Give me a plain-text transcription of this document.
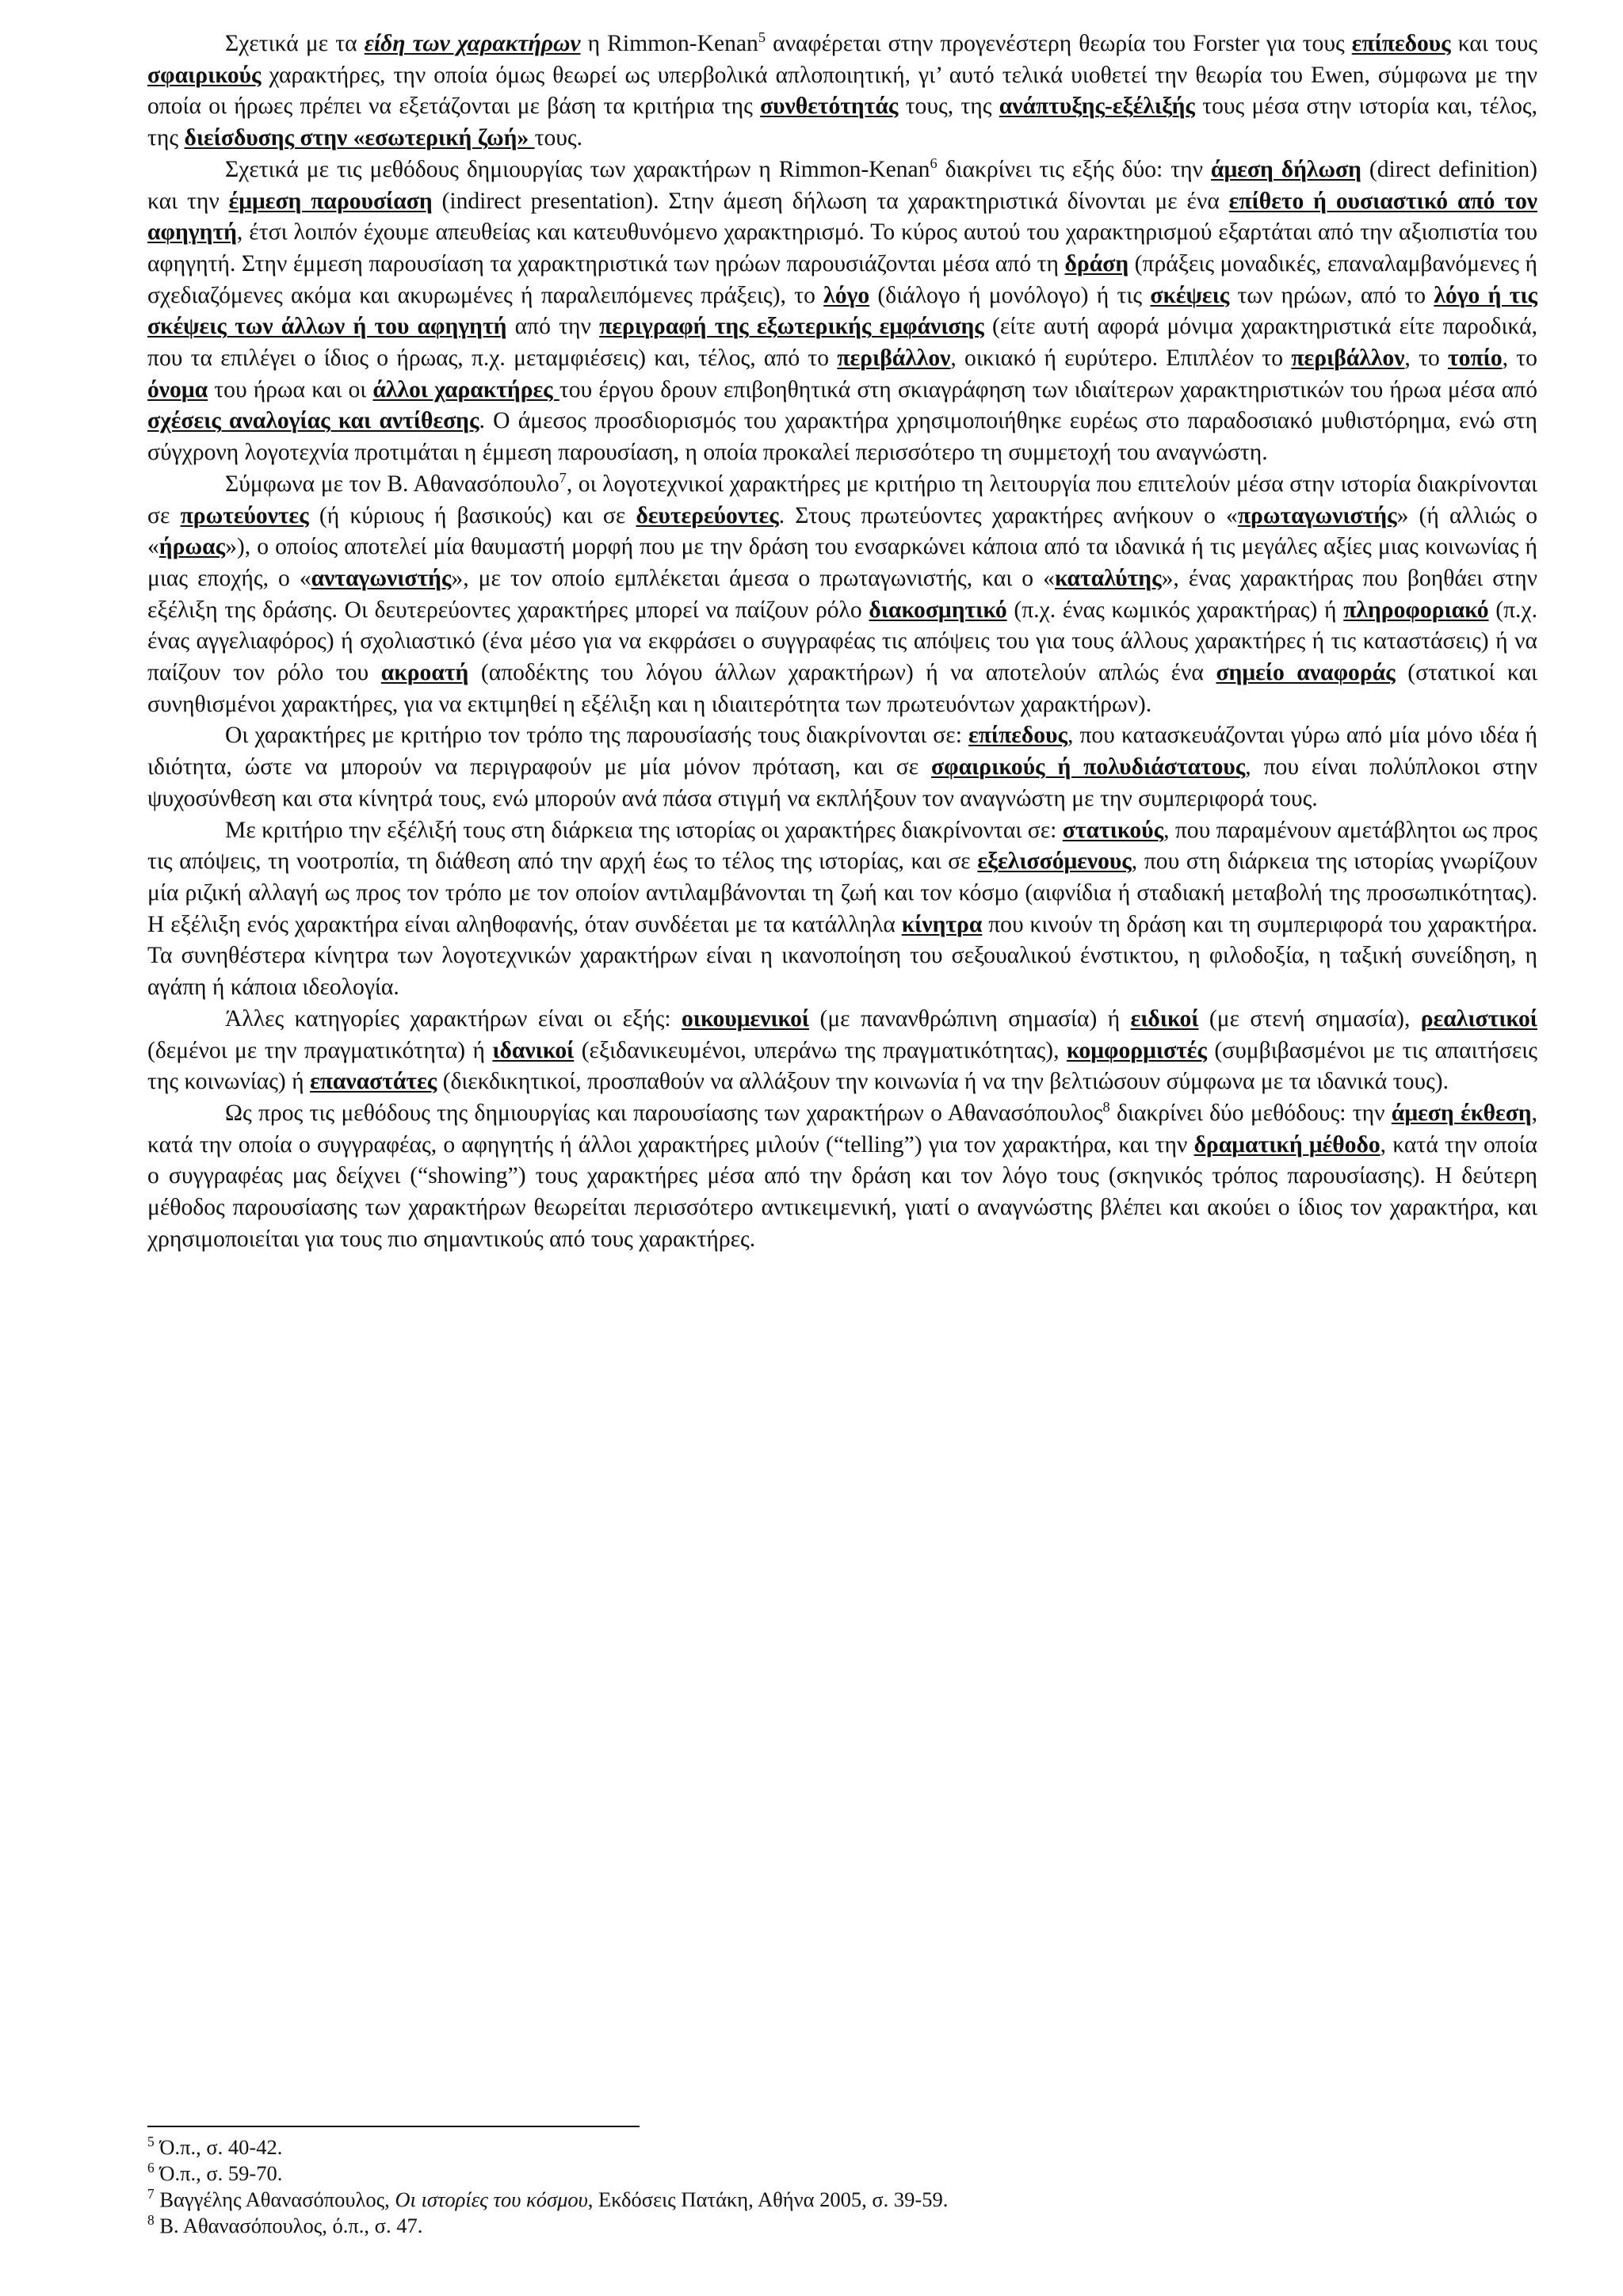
Σχετικά με τα είδη των χαρακτήρων η Rimmon-Kenan$^5$ αναφέρεται στην προγενέστερη θεωρία του Forster για τους επίπεδους και τους σφαιρικούς χαρακτήρες, την οποία όμως θεωρεί ως υπερβολικά απλοποιητική, γι’ αυτό τελικά υιοθετεί την θεωρία του Ewen, σύμφωνα με την οποία οι ήρωες πρέπει να εξετάζονται με βάση τα κριτήρια της συνθετότητάς τους, της ανάπτυξης-εξέλιξής τους μέσα στην ιστορία και, τέλος, της διείσδυσης στην «εσωτερική ζωή» τους.

Σχετικά με τις μεθόδους δημιουργίας των χαρακτήρων η Rimmon-Kenan$^6$ διακρίνει τις εξής δύο: την άμεση δήλωση (direct definition) και την έμμεση παρουσίαση (indirect presentation). Στην άμεση δήλωση τα χαρακτηριστικά δίνονται με ένα επίθετο ή ουσιαστικό από τον αφηγητή, έτσι λοιπόν έχουμε απευθείας και κατευθυνόμενο χαρακτηρισμό. Το κύρος αυτού του χαρακτηρισμού εξαρτάται από την αξιοπιστία του αφηγητή. Στην έμμεση παρουσίαση τα χαρακτηριστικά των ηρώων παρουσιάζονται μέσα από τη δράση (πράξεις μοναδικές, επαναλαμβανόμενες ή σχεδιαζόμενες ακόμα και ακυρωμένες ή παραλειπόμενες πράξεις), το λόγο (διάλογο ή μονόλογο) ή τις σκέψεις των ηρώων, από το λόγο ή τις σκέψεις των άλλων ή του αφηγητή από την περιγραφή της εξωτερικής εμφάνισης (είτε αυτή αφορά μόνιμα χαρακτηριστικά είτε παροδικά, που τα επιλέγει ο ίδιος ο ήρωας, π.χ. μεταμφιέσεις) και, τέλος, από το περιβάλλον, οικιακό ή ευρύτερο. Επιπλέον το περιβάλλον, το τοπίο, το όνομα του ήρωα και οι άλλοι χαρακτήρες του έργου δρουν επιβοηθητικά στη σκιαγράφηση των ιδιαίτερων χαρακτηριστικών του ήρωα μέσα από σχέσεις αναλογίας και αντίθεσης. Ο άμεσος προσδιορισμός του χαρακτήρα χρησιμοποιήθηκε ευρέως στο παραδοσιακό μυθιστόρημα, ενώ στη σύγχρονη λογοτεχνία προτιμάται η έμμεση παρουσίαση, η οποία προκαλεί περισσότερο τη συμμετοχή του αναγνώστη.

Σύμφωνα με τον Β. Αθανασόπουλο$^7$, οι λογοτεχνικοί χαρακτήρες με κριτήριο τη λειτουργία που επιτελούν μέσα στην ιστορία διακρίνονται σε πρωτεύοντες (ή κύριους ή βασικούς) και σε δευτερεύοντες. Στους πρωτεύοντες χαρακτήρες ανήκουν ο «πρωταγωνιστής» (ή αλλιώς ο «ήρωας»), ο οποίος αποτελεί μία θαυμαστή μορφή που με την δράση του ενσαρκώνει κάποια από τα ιδανικά ή τις μεγάλες αξίες μιας κοινωνίας ή μιας εποχής, ο «ανταγωνιστής», με τον οποίο εμπλέκεται άμεσα ο πρωταγωνιστής, και ο «καταλύτης», ένας χαρακτήρας που βοηθάει στην εξέλιξη της δράσης. Οι δευτερεύοντες χαρακτήρες μπορεί να παίζουν ρόλο διακοσμητικό (π.χ. ένας κωμικός χαρακτήρας) ή πληροφοριακό (π.χ. ένας αγγελιαφόρος) ή σχολιαστικό (ένα μέσο για να εκφράσει ο συγγραφέας τις απόψεις του για τους άλλους χαρακτήρες ή τις καταστάσεις) ή να παίζουν τον ρόλο του ακροατή (αποδέκτης του λόγου άλλων χαρακτήρων) ή να αποτελούν απλώς ένα σημείο αναφοράς (στατικοί και συνηθισμένοι χαρακτήρες, για να εκτιμηθεί η εξέλιξη και η ιδιαιτερότητα των πρωτευόντων χαρακτήρων).

Οι χαρακτήρες με κριτήριο τον τρόπο της παρουσίασής τους διακρίνονται σε: επίπεδους, που κατασκευάζονται γύρω από μία μόνο ιδέα ή ιδιότητα, ώστε να μπορούν να περιγραφούν με μία μόνον πρόταση, και σε σφαιρικούς ή πολυδιάστατους, που είναι πολύπλοκοι στην ψυχοσύνθεση και στα κίνητρά τους, ενώ μπορούν ανά πάσα στιγμή να εκπλήξουν τον αναγνώστη με την συμπεριφορά τους.

Με κριτήριο την εξέλιξή τους στη διάρκεια της ιστορίας οι χαρακτήρες διακρίνονται σε: στατικούς, που παραμένουν αμετάβλητοι ως προς τις απόψεις, τη νοοτροπία, τη διάθεση από την αρχή έως το τέλος της ιστορίας, και σε εξελισσόμενους, που στη διάρκεια της ιστορίας γνωρίζουν μία ριζική αλλαγή ως προς τον τρόπο με τον οποίον αντιλαμβάνονται τη ζωή και τον κόσμο (αιφνίδια ή σταδιακή μεταβολή της προσωπικότητας). Η εξέλιξη ενός χαρακτήρα είναι αληθοφανής, όταν συνδέεται με τα κατάλληλα κίνητρα που κινούν τη δράση και τη συμπεριφορά του χαρακτήρα. Τα συνηθέστερα κίνητρα των λογοτεχνικών χαρακτήρων είναι η ικανοποίηση του σεξουαλικού ένστικτου, η φιλοδοξία, η ταξική συνείδηση, η αγάπη ή κάποια ιδεολογία.

Άλλες κατηγορίες χαρακτήρων είναι οι εξής: οικουμενικοί (με πανανθρώπινη σημασία) ή ειδικοί (με στενή σημασία), ρεαλιστικοί (δεμένοι με την πραγματικότητα) ή ιδανικοί (εξιδανικευμένοι, υπεράνω της πραγματικότητας), κομφορμιστές (συμβιβασμένοι με τις απαιτήσεις της κοινωνίας) ή επαναστάτες (διεκδικητικοί, προσπαθούν να αλλάξουν την κοινωνία ή να την βελτιώσουν σύμφωνα με τα ιδανικά τους).

Ως προς τις μεθόδους της δημιουργίας και παρουσίασης των χαρακτήρων ο Αθανασόπουλος$^8$ διακρίνει δύο μεθόδους: την άμεση έκθεση, κατά την οποία ο συγγραφέας, ο αφηγητής ή άλλοι χαρακτήρες μιλούν (“telling”) για τον χαρακτήρα, και την δραματική μέθοδο, κατά την οποία ο συγγραφέας μας δείχνει (“showing”) τους χαρακτήρες μέσα από την δράση και τον λόγο τους (σκηνικός τρόπος παρουσίασης). Η δεύτερη μέθοδος παρουσίασης των χαρακτήρων θεωρείται περισσότερο αντικειμενική, γιατί ο αναγνώστης βλέπει και ακούει ο ίδιος τον χαρακτήρα, και χρησιμοποιείται για τους πιο σημαντικούς από τους χαρακτήρες.

$^5$ Ό.π., σ. 40-42.

$^6$ Ό.π., σ. 59-70.

$^7$ Βαγγέλης Αθανασόπουλος, Οι ιστορίες του κόσμου, Εκδόσεις Πατάκη, Αθήνα 2005, σ. 39-59.

$^8$ Β. Αθανασόπουλος, ό.π., σ. 47.
